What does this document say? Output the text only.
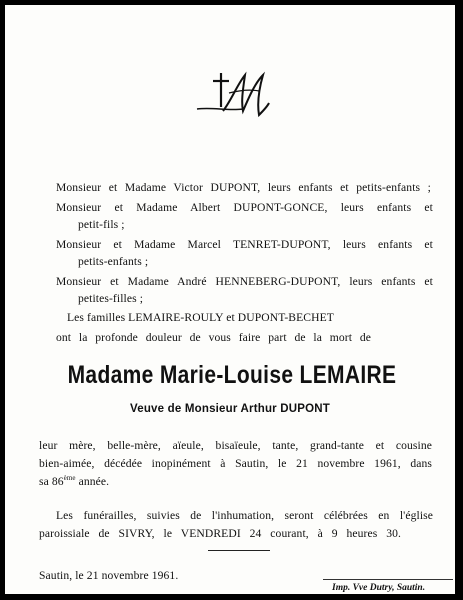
Monsieur et Madame Victor DUPONT, leurs enfants et petits-enfants ;
Monsieur et Madame Albert DUPONT-GONCE, leurs enfants et
petit-fils ;
Monsieur et Madame Marcel TENRET-DUPONT, leurs enfants et
petits-enfants ;
Monsieur et Madame André HENNEBERG-DUPONT, leurs enfants et
petites-filles ;
Les familles LEMAIRE-ROULY et DUPONT-BECHET
ont la profonde douleur de vous faire part de la mort de
Madame Marie-Louise LEMAIRE
Veuve de Monsieur Arthur DUPONT
leur mère, belle-mère, aïeule, bisaïeule, tante, grand-tante et cousine
bien-aimée, décédée inopinément à Sautin, le 21 novembre 1961, dans
sa 86ème année.
Les funérailles, suivies de l'inhumation, seront célébrées en l'église
paroissiale de SIVRY, le VENDREDI 24 courant, à 9 heures 30.
Sautin, le 21 novembre 1961.
Imp. Vve Dutry, Sautin.
